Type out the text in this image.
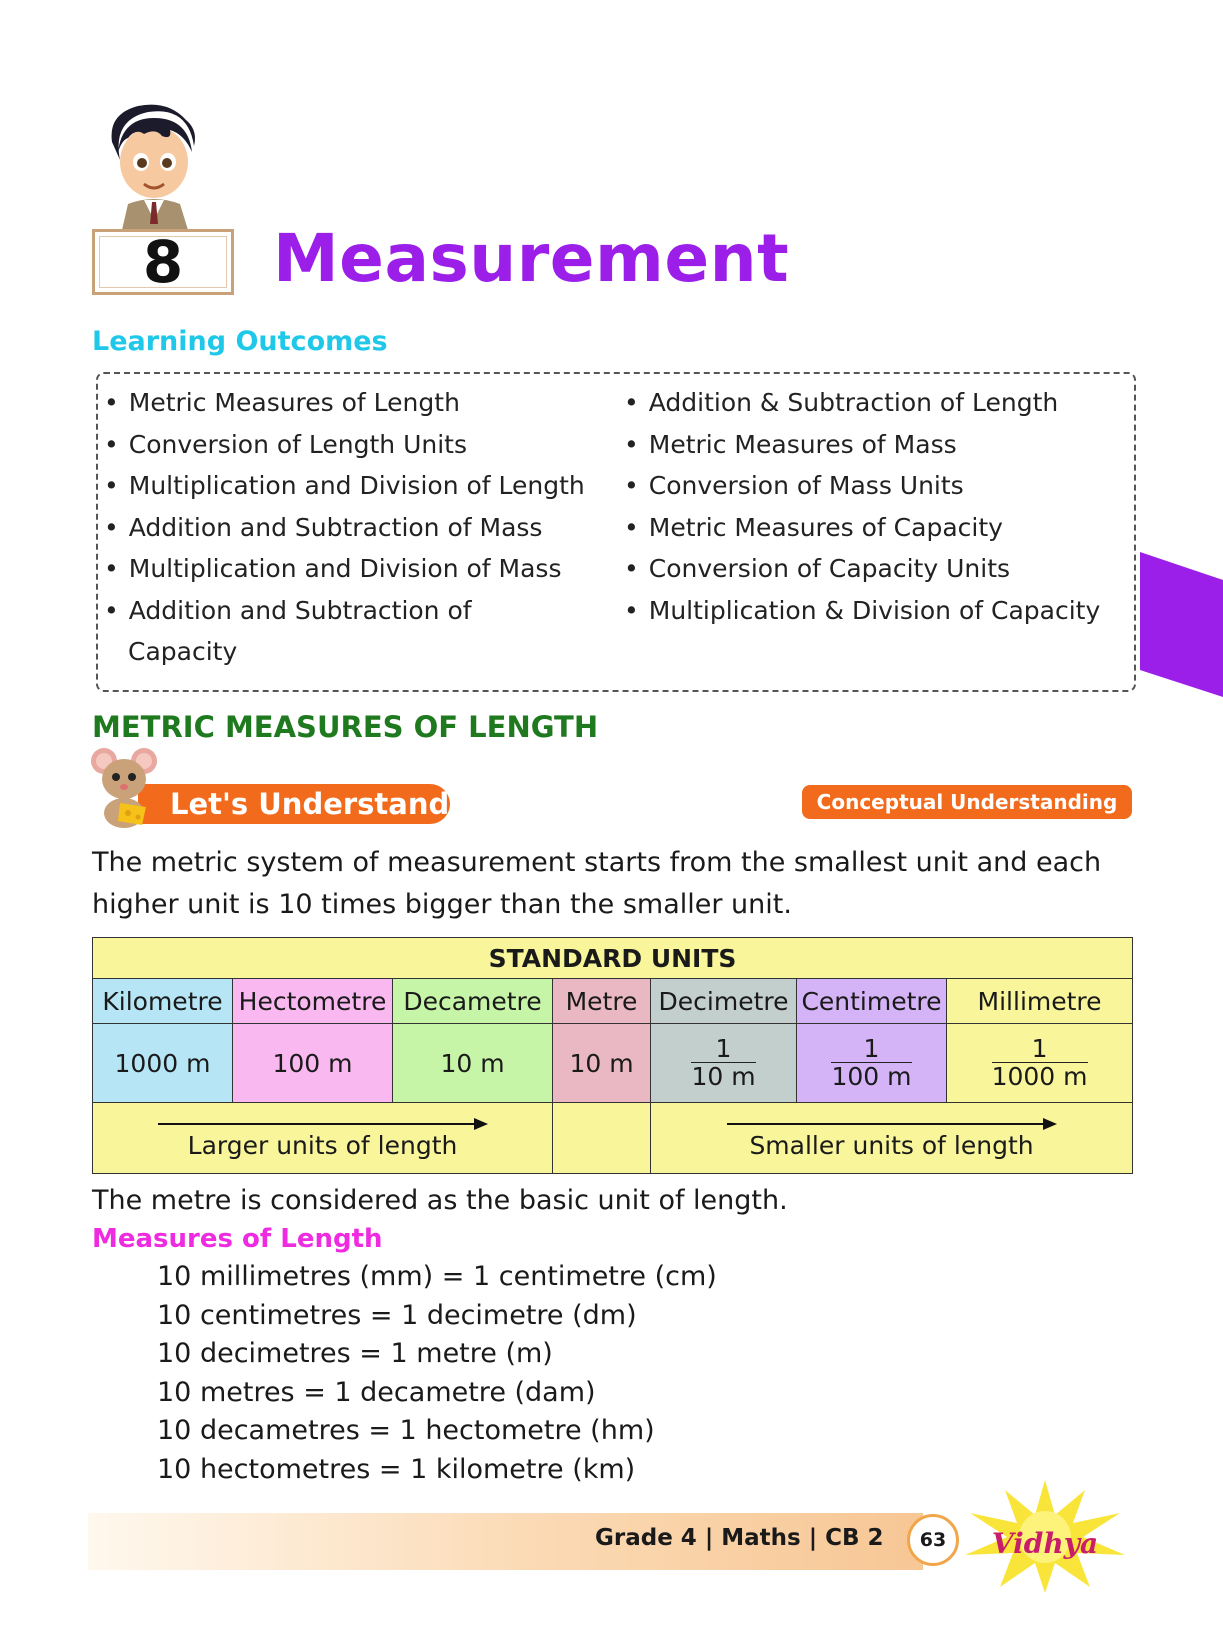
8 Measurement
Learning Outcomes
• Metric Measures of Length
• Conversion of Length Units
• Multiplication and Division of Length
• Addition and Subtraction of Mass
• Multiplication and Division of Mass
• Addition and Subtraction of
Capacity
• Addition & Subtraction of Length
• Metric Measures of Mass
• Conversion of Mass Units
• Metric Measures of Capacity
• Conversion of Capacity Units
• Multiplication & Division of Capacity
METRIC MEASURES OF LENGTH
Let's Understand	Conceptual Understanding
The metric system of measurement starts from the smallest unit and each higher unit is 10 times bigger than the smaller unit.
STANDARD UNITS						
Kilometre	Hectometre	Decametre	Metre	Decimetre	Centimetre	Millimetre
1000 m	100 m	10 m	10 m	$\frac{1}{10 m}$	$\frac{1}{100 m}$	$\frac{1}{1000 m}$

Larger units of length				Smaller units of length		
The metre is considered as the basic unit of length.
Measures of Length
10 millimetres (mm) = 1 centimetre (cm)
10 centimetres = 1 decimetre (dm)
10 decimetres = 1 metre (m)
10 metres = 1 decametre (dam)
10 decametres = 1 hectometre (hm)
10 hectometres = 1 kilometre (km)
Grade 4 | Maths | CB 2	Vidhya
63
